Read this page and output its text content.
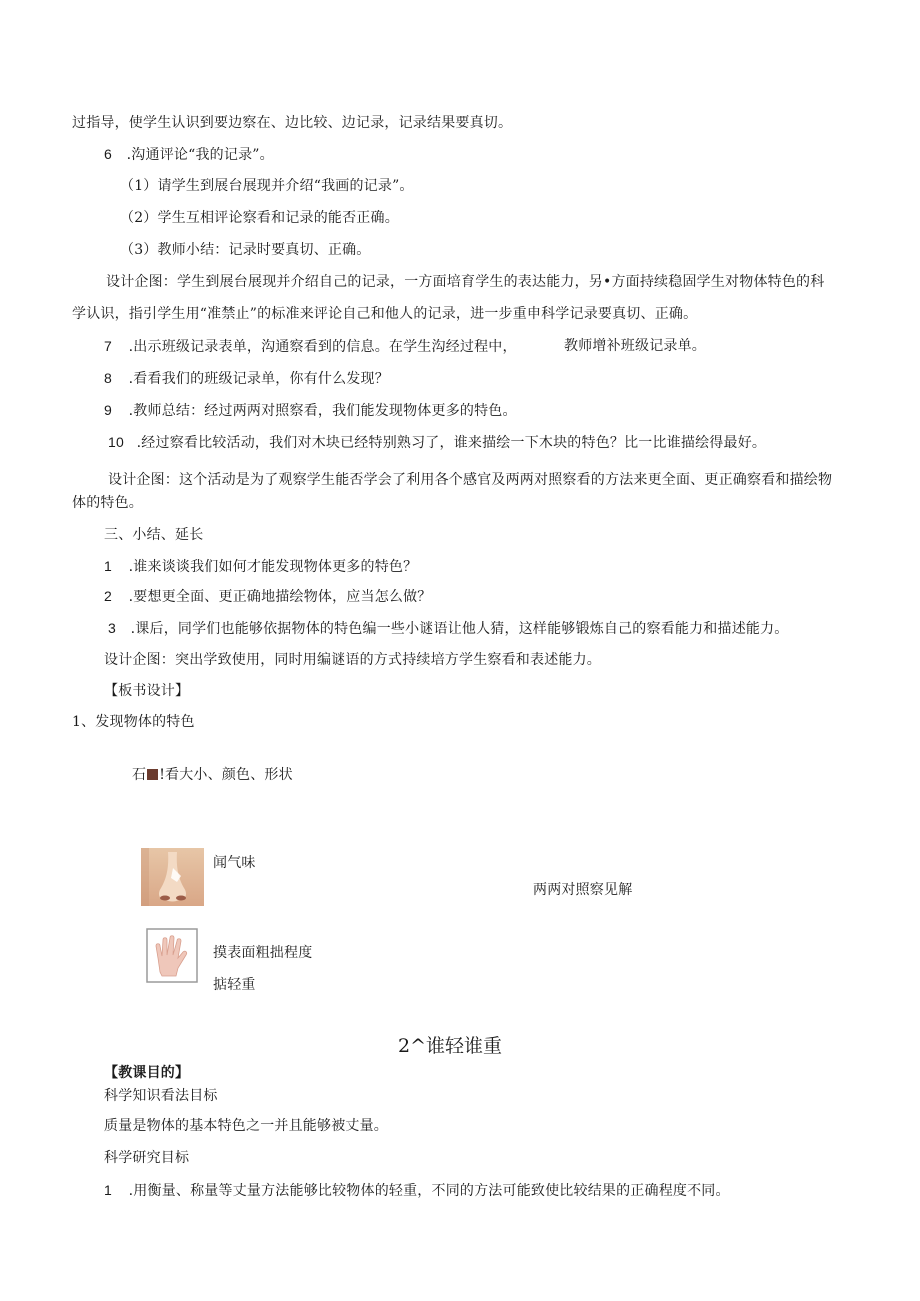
过指导，使学生认识到要边察在、边比较、边记录，记录结果要真切。
6 .沟通评论“我的记录”。
（1）请学生到展台展现并介绍“我画的记录”。
（2）学生互相评论察看和记录的能否正确。
（3）教师小结：记录时要真切、正确。
设计企图：学生到展台展现并介绍自己的记录，一方面培育学生的表达能力，另•方面持续稳固学生对物体特色的科
学认识，指引学生用“准禁止”的标准来评论自己和他人的记录，进一步重申科学记录要真切、正确。
7 .出示班级记录表单，沟通察看到的信息。在学生沟经过程中，	教师增补班级记录单。
8 .看看我们的班级记录单，你有什么发现？
9 .教师总结：经过两两对照察看，我们能发现物体更多的特色。
10 .经过察看比较活动，我们对木块已经特别熟习了，谁来描绘一下木块的特色？比一比谁描绘得最好。
设计企图：这个活动是为了观察学生能否学会了利用各个感官及两两对照察看的方法来更全面、更正确察看和描绘物
体的特色。
三、小结、延长
1 .谁来谈谈我们如何才能发现物体更多的特色？
2 .要想更全面、更正确地描绘物体，应当怎么做？
3 .课后，同学们也能够依据物体的特色编一些小谜语让他人猜，这样能够锻炼自己的察看能力和描述能力。
设计企图：突出学致使用，同时用编谜语的方式持续培方学生察看和表述能力。
【板书设计】
1、发现物体的特色
石 !看大小、颜色、形状
闻气味
两两对照察见解
摸表面粗拙程度
掂轻重
2^谁轻谁重
【教课目的】
科学知识看法目标
质量是物体的基本特色之一并且能够被丈量。
科学研究目标
1 .用衡量、称量等丈量方法能够比较物体的轻重，不同的方法可能致使比较结果的正确程度不同。
